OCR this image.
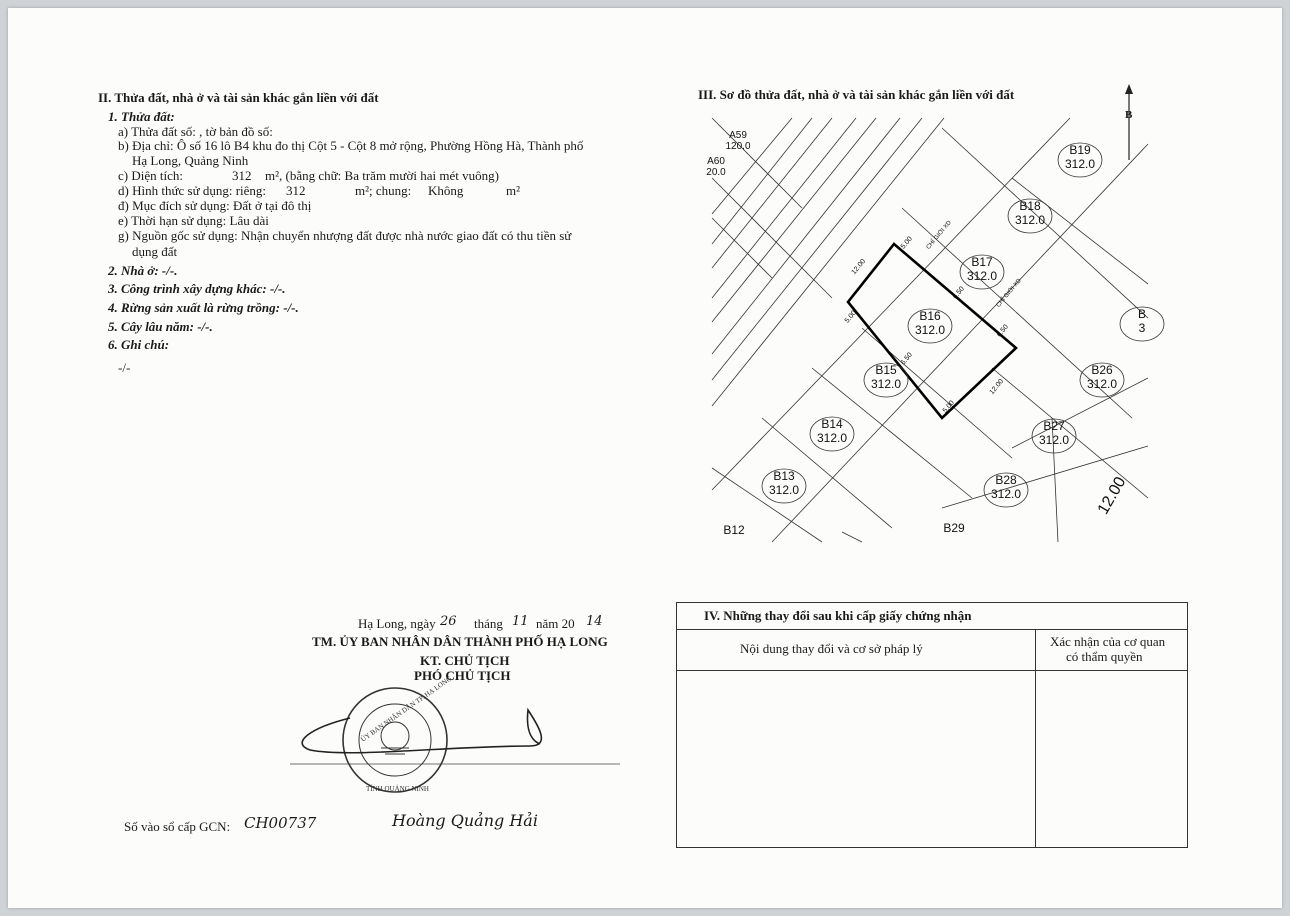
II. Thửa đất, nhà ở và tài sản khác gắn liền với đất
1. Thửa đất:
a) Thửa đất số: , tờ bản đồ số:
b) Địa chỉ: Ô số 16 lô B4 khu đo thị Cột 5 - Cột 8 mở rộng, Phường Hồng Hà, Thành phố
Hạ Long, Quảng Ninh
c) Diện tích:	312 m², (bằng chữ: Ba trăm mười hai mét vuông)
d) Hình thức sử dụng: riêng: 312	m²; chung: Không	m²
đ) Mục đích sử dụng: Đất ở tại đô thị
e) Thời hạn sử dụng: Lâu dài
g) Nguồn gốc sử dụng: Nhận chuyển nhượng đất được nhà nước giao đất có thu tiền sử
dụng đất
2. Nhà ở: -/-.
3. Công trình xây dựng khác: -/-.
4. Rừng sản xuất là rừng trồng: -/-.
5. Cây lâu năm: -/-.
6. Ghi chú:
-/-
Hạ Long, ngày 26 tháng 11 năm 20 14
TM. ỦY BAN NHÂN DÂN THÀNH PHỐ HẠ LONG
KT. CHỦ TỊCH
PHÓ CHỦ TỊCH
ỦY BAN NHÂN DÂN TP. HẠ LONG
TỈNH QUẢNG NINH
Hoàng Quảng Hải
Số vào sổ cấp GCN: CH00737
III. Sơ đồ thửa đất, nhà ở và tài sản khác gắn liền với đất
B
A59
120.0
A60
20.0
B19
312.0
B18
312.0
B17
312.0
B16
312.0
B15
312.0
B14
312.0
B13
312.0
B12
B26
312.0
B27
312.0
B28
312.0
B29
B
3
12.00
5.00
6.50
5.00
6.50
12.00
5.00
6.50
12.00
CHỈ GIỚI XD
CHỈ GIỚI XD
IV. Những thay đổi sau khi cấp giấy chứng nhận
Nội dung thay đổi và cơ sở pháp lý	Xác nhận của cơ quan
có thẩm quyền
